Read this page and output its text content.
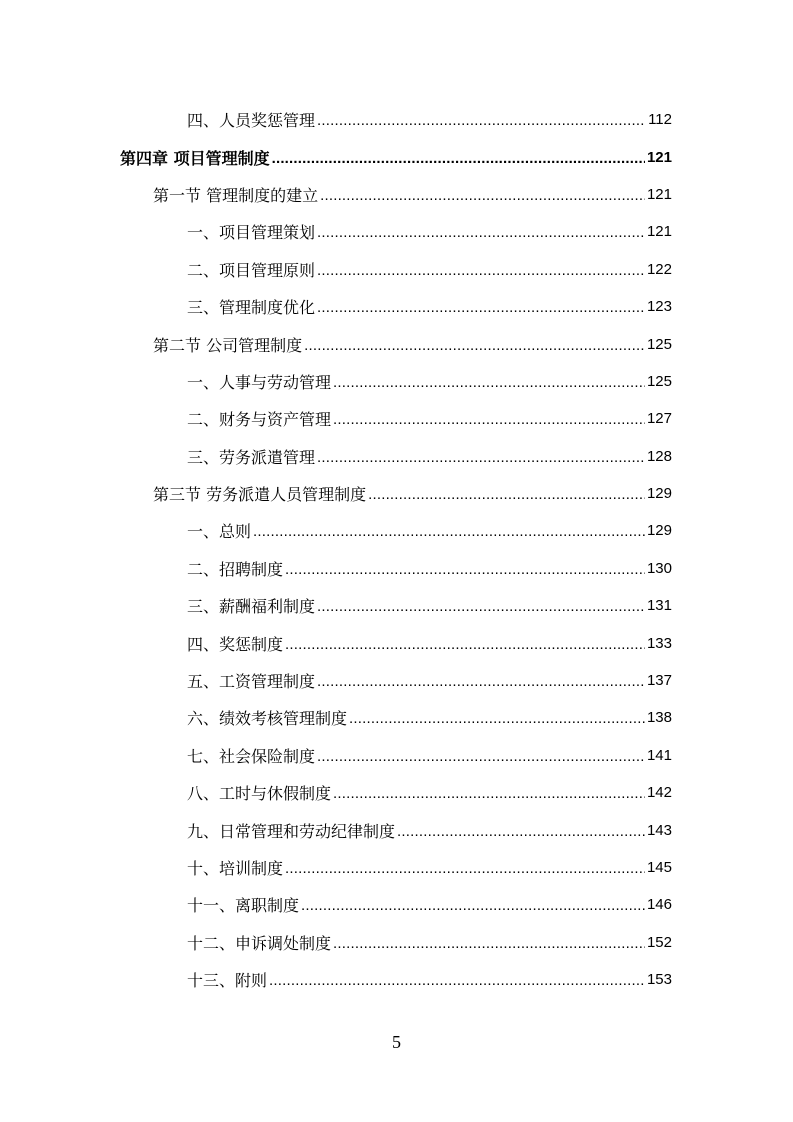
四、人员奖惩管理 .....	112
第四章 项目管理制度 .....	121
第一节 管理制度的建立 .....	121
一、项目管理策划 .....	121
二、项目管理原则 .....	122
三、管理制度优化 .....	123
第二节 公司管理制度 .....	125
一、人事与劳动管理 .....	125
二、财务与资产管理 .....	127
三、劳务派遣管理 .....	128
第三节 劳务派遣人员管理制度 .....	129
一、总则 .....	129
二、招聘制度 .....	130
三、薪酬福利制度 .....	131
四、奖惩制度 .....	133
五、工资管理制度 .....	137
六、绩效考核管理制度 .....	138
七、社会保险制度 .....	141
八、工时与休假制度 .....	142
九、日常管理和劳动纪律制度 .....	143
十、培训制度 .....	145
十一、离职制度 .....	146
十二、申诉调处制度 .....	152
十三、附则 .....	153
5
